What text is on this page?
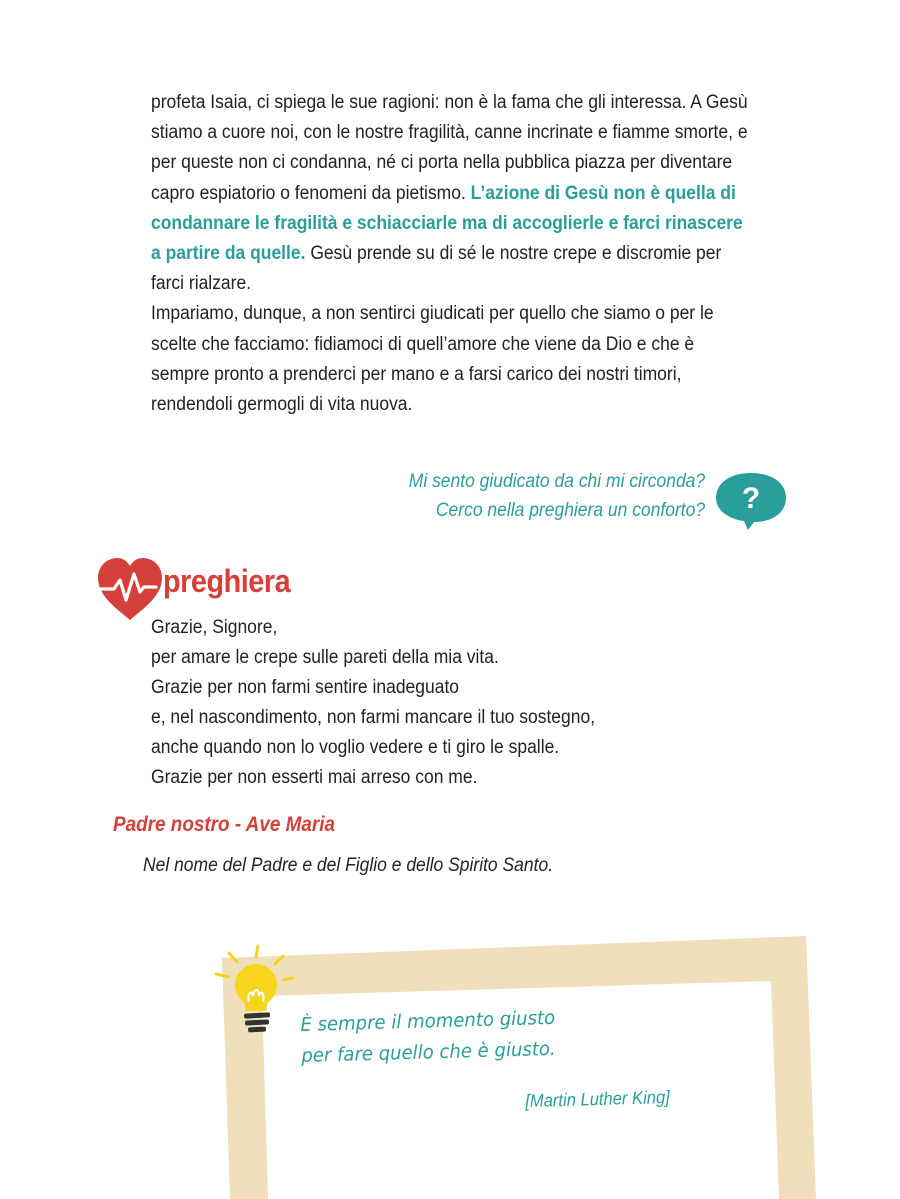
profeta Isaia, ci spiega le sue ragioni: non è la fama che gli interessa. A Gesù stiamo a cuore noi, con le nostre fragilità, canne incrinate e fiamme smorte, e per queste non ci condanna, né ci porta nella pubblica piazza per diventare capro espiatorio o fenomeni da pietismo. L’azione di Gesù non è quella di condannare le fragilità e schiacciarle ma di accoglierle e farci rinascere a partire da quelle. Gesù prende su di sé le nostre crepe e discromie per farci rialzare.
Impariamo, dunque, a non sentirci giudicati per quello che siamo o per le scelte che facciamo: fidiamoci di quell’amore che viene da Dio e che è sempre pronto a prenderci per mano e a farsi carico dei nostri timori, rendendoli germogli di vita nuova.

Mi sento giudicato da chi mi circonda?
Cerco nella preghiera un conforto? ?
preghiera
Grazie, Signore,
per amare le crepe sulle pareti della mia vita.
Grazie per non farmi sentire inadeguato
e, nel nascondimento, non farmi mancare il tuo sostegno,
anche quando non lo voglio vedere e ti giro le spalle.
Grazie per non esserti mai arreso con me.
Padre nostro - Ave Maria
Nel nome del Padre e del Figlio e dello Spirito Santo.
È sempre il momento giusto
per fare quello che è giusto.
[Martin Luther King]
